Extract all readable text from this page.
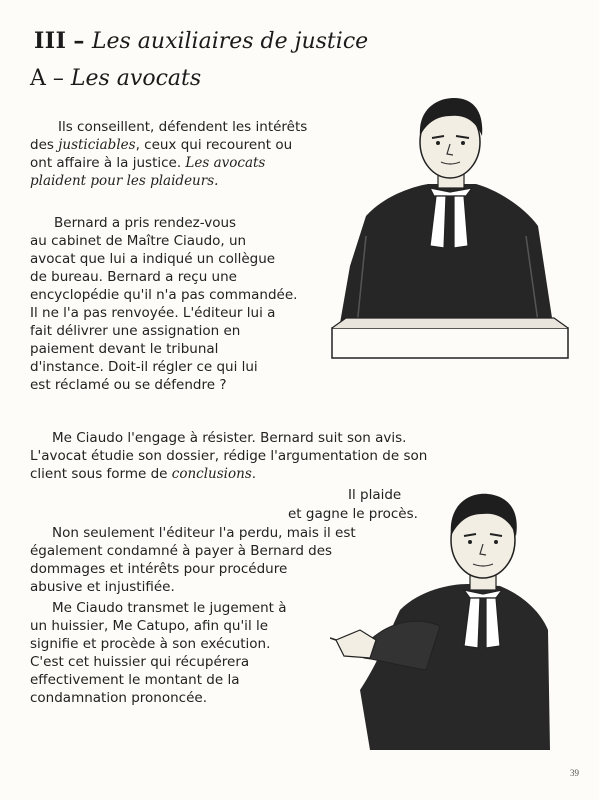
III – Les auxiliaires de justice
A – Les avocats
Ils conseillent, défendent les intérêts
des justiciables, ceux qui recourent ou
ont affaire à la justice. Les avocats
plaident pour les plaideurs.
Bernard a pris rendez-vous
au cabinet de Maître Ciaudo, un
avocat que lui a indiqué un collègue
de bureau. Bernard a reçu une
encyclopédie qu'il n'a pas commandée.
Il ne l'a pas renvoyée. L'éditeur lui a
fait délivrer une assignation en
paiement devant le tribunal
d'instance. Doit-il régler ce qui lui
est réclamé ou se défendre ?
Me Ciaudo l'engage à résister. Bernard suit son avis.
L'avocat étudie son dossier, rédige l'argumentation de son
client sous forme de conclusions.
Il plaide
et gagne le procès.
Non seulement l'éditeur l'a perdu, mais il est
également condamné à payer à Bernard des
dommages et intérêts pour procédure
abusive et injustifiée.
Me Ciaudo transmet le jugement à
un huissier, Me Catupo, afin qu'il le
signifie et procède à son exécution.
C'est cet huissier qui récupérera
effectivement le montant de la
condamnation prononcée.
39
